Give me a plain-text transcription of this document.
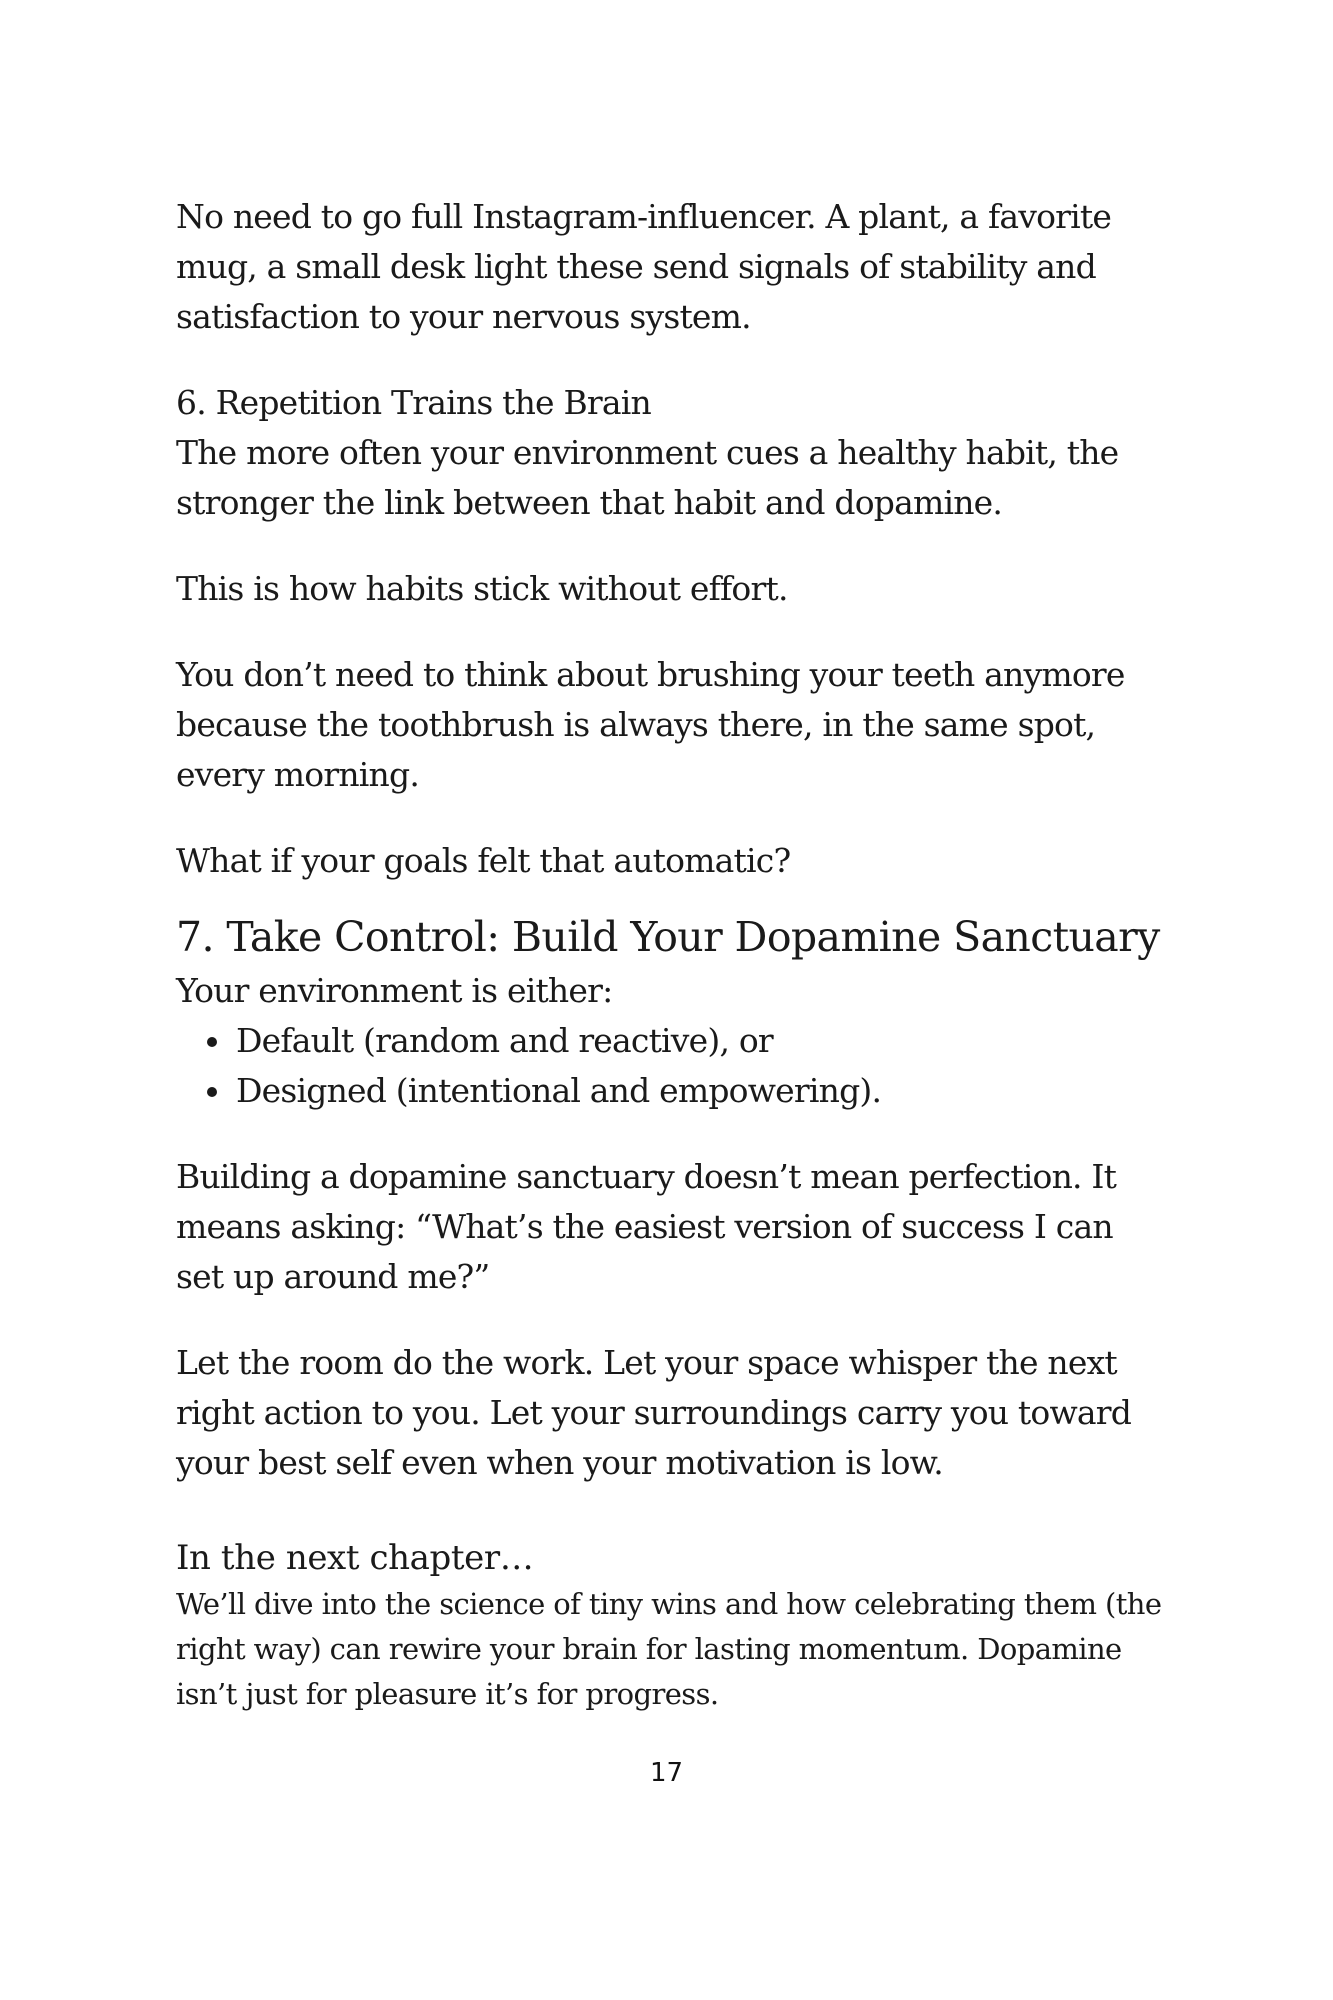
No need to go full Instagram-influencer. A plant, a favorite mug, a small desk light these send signals of stability and satisfaction to your nervous system.

6. Repetition Trains the Brain

The more often your environment cues a healthy habit, the stronger the link between that habit and dopamine.

This is how habits stick without effort.

You don’t need to think about brushing your teeth anymore because the toothbrush is always there, in the same spot, every morning.

What if your goals felt that automatic?

7. Take Control: Build Your Dopamine Sanctuary

Your environment is either:

• Default (random and reactive), or
• Designed (intentional and empowering).

Building a dopamine sanctuary doesn’t mean perfection. It means asking: “What’s the easiest version of success I can set up around me?”

Let the room do the work. Let your space whisper the next right action to you. Let your surroundings carry you toward your best self even when your motivation is low.

In the next chapter…

We’ll dive into the science of tiny wins and how celebrating them (the right way) can rewire your brain for lasting momentum. Dopamine isn’t just for pleasure it’s for progress.

17
